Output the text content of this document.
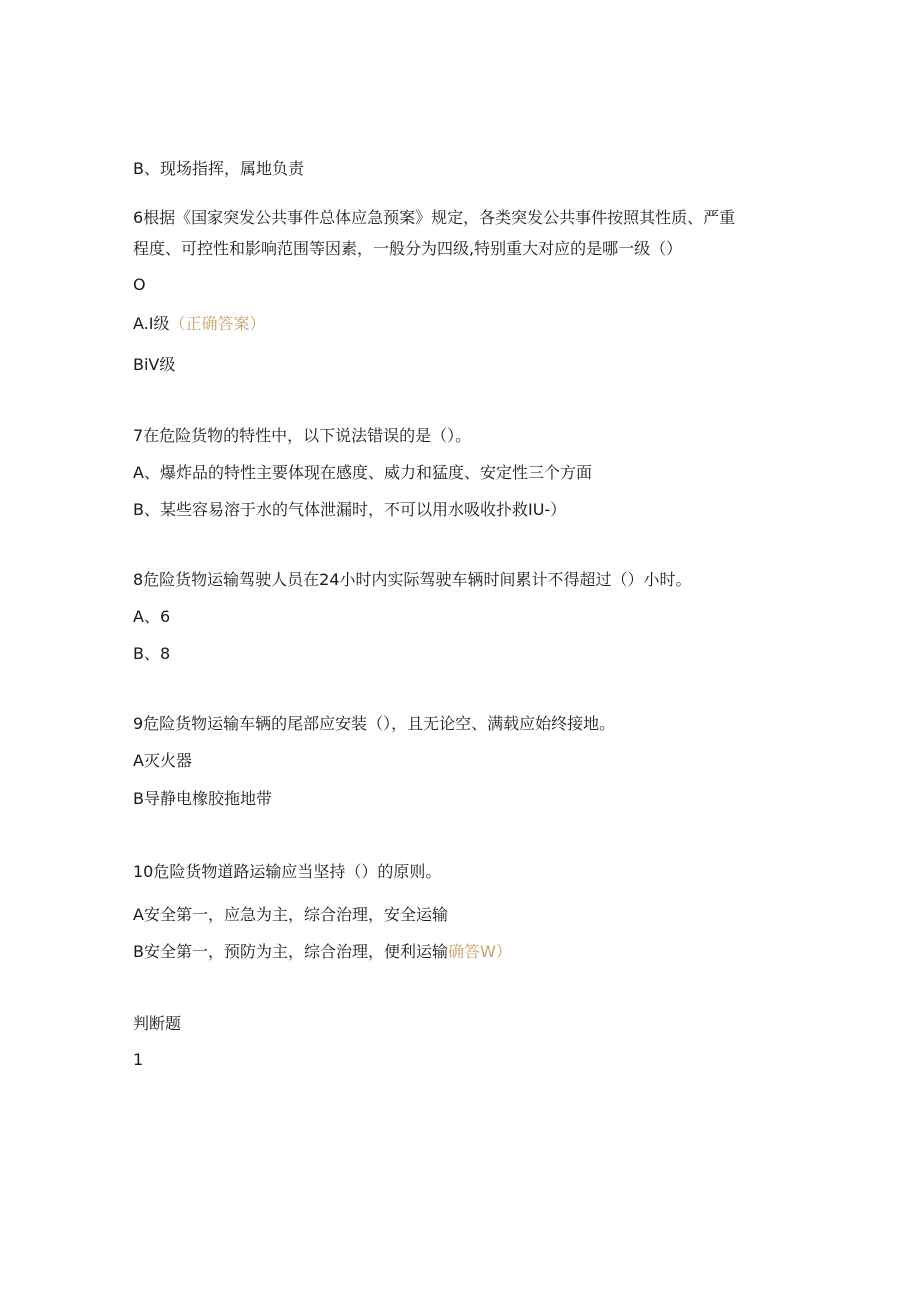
B、现场指挥，属地负责

6根据《国家突发公共事件总体应急预案》规定，各类突发公共事件按照其性质、严重

程度、可控性和影响范围等因素，一般分为四级,特别重大对应的是哪一级（）

O

A.I级（正确答案）

BiV级

7在危险货物的特性中，以下说法错误的是（）。

A、爆炸品的特性主要体现在感度、威力和猛度、安定性三个方面

B、某些容易溶于水的气体泄漏时，不可以用水吸收扑救IU-）

8危险货物运输驾驶人员在24小时内实际驾驶车辆时间累计不得超过（）小时。

A、6

B、8

9危险货物运输车辆的尾部应安装（），且无论空、满载应始终接地。

A灭火器

B导静电橡胶拖地带

10危险货物道路运输应当坚持（）的原则。

A安全第一，应急为主，综合治理，安全运输

B安全第一，预防为主，综合治理，便利运输确答W）

判断题

1
